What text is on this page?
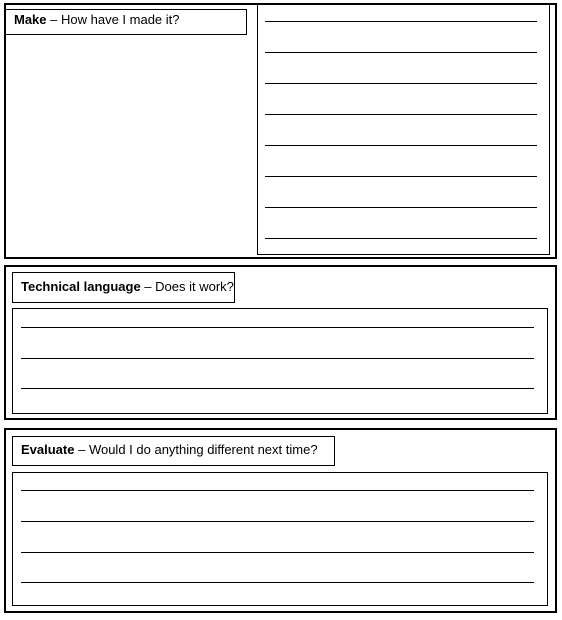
Make – How have I made it?
Technical language – Does it work?
Evaluate – Would I do anything different next time?
